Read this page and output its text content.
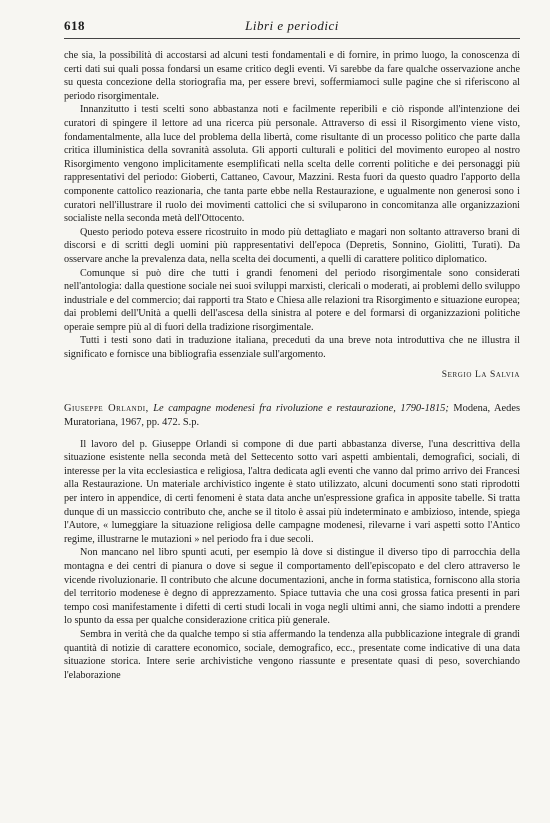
618	Libri e periodici

che sia, la possibilità di accostarsi ad alcuni testi fondamentali e di fornire, in primo luogo, la conoscenza di certi dati sui quali possa fondarsi un esame critico degli eventi. Vi sarebbe da fare qualche osservazione anche su questa concezione della storiografia ma, per essere brevi, soffermiamoci sulle pagine che si riferiscono al periodo risorgimentale.

Innanzitutto i testi scelti sono abbastanza noti e facilmente reperibili e ciò risponde all'intenzione dei curatori di spingere il lettore ad una ricerca più personale. Attraverso di essi il Risorgimento viene visto, fondamentalmente, alla luce del problema della libertà, come risultante di un processo politico che parte dalla critica illuministica della sovranità assoluta. Gli apporti culturali e politici del movimento europeo al nostro Risorgimento vengono implicitamente esemplificati nella scelta delle correnti politiche e dei personaggi più rappresentativi del periodo: Gioberti, Cattaneo, Cavour, Mazzini. Resta fuori da questo quadro l'apporto della componente cattolico reazionaria, che tanta parte ebbe nella Restaurazione, e ugualmente non generosi sono i curatori nell'illustrare il ruolo dei movimenti cattolici che si sviluparono in concomitanza alle organizzazioni socialiste nella seconda metà dell'Ottocento.

Questo periodo poteva essere ricostruito in modo più dettagliato e magari non soltanto attraverso brani di discorsi e di scritti degli uomini più rappresentativi dell'epoca (Depretis, Sonnino, Giolitti, Turati). Da osservare anche la prevalenza data, nella scelta dei documenti, a quelli di carattere politico diplomatico.

Comunque si può dire che tutti i grandi fenomeni del periodo risorgimentale sono considerati nell'antologia: dalla questione sociale nei suoi sviluppi marxisti, clericali o moderati, ai problemi dello sviluppo industriale e del commercio; dai rapporti tra Stato e Chiesa alle relazioni tra Risorgimento e situazione europea; dai problemi dell'Unità a quelli dell'ascesa della sinistra al potere e del formarsi di organizzazioni politiche operaie sempre più al di fuori della tradizione risorgimentale.

Tutti i testi sono dati in traduzione italiana, preceduti da una breve nota introduttiva che ne illustra il significato e fornisce una bibliografia essenziale sull'argomento.

Sergio La Salvia

Giuseppe Orlandi, Le campagne modenesi fra rivoluzione e restaurazione, 1790-1815; Modena, Aedes Muratoriana, 1967, pp. 472. S.p.

Il lavoro del p. Giuseppe Orlandi si compone di due parti abbastanza diverse, l'una descrittiva della situazione esistente nella seconda metà del Settecento sotto vari aspetti ambientali, demografici, sociali, di interesse per la vita ecclesiastica e religiosa, l'altra dedicata agli eventi che vanno dal primo arrivo dei Francesi alla Restaurazione. Un materiale archivistico ingente è stato utilizzato, alcuni documenti sono stati riprodotti per intero in appendice, di certi fenomeni è stata data anche un'espressione grafica in apposite tabelle. Si tratta dunque di un massiccio contributo che, anche se il titolo è assai più indeterminato e ambizioso, intende, spiega l'Autore, « lumeggiare la situazione religiosa delle campagne modenesi, rilevarne i vari aspetti sotto l'Antico regime, illustrarne le mutazioni » nel periodo fra i due secoli.

Non mancano nel libro spunti acuti, per esempio là dove si distingue il diverso tipo di parrocchia della montagna e dei centri di pianura o dove si segue il comportamento dell'episcopato e del clero attraverso le vicende rivoluzionarie. Il contributo che alcune documentazioni, anche in forma statistica, forniscono alla storia del territorio modenese è degno di apprezzamento. Spiace tuttavia che una così grossa fatica presenti in pari tempo così manifestamente i difetti di certi studi locali in voga negli ultimi anni, che siamo indotti a prendere lo spunto da essa per qualche considerazione critica più generale.

Sembra in verità che da qualche tempo si stia affermando la tendenza alla pubblicazione integrale di grandi quantità di notizie di carattere economico, sociale, demografico, ecc., presentate come indicative di una data situazione storica. Intere serie archivistiche vengono riassunte e presentate quasi di peso, soverchiando l'elaborazione
